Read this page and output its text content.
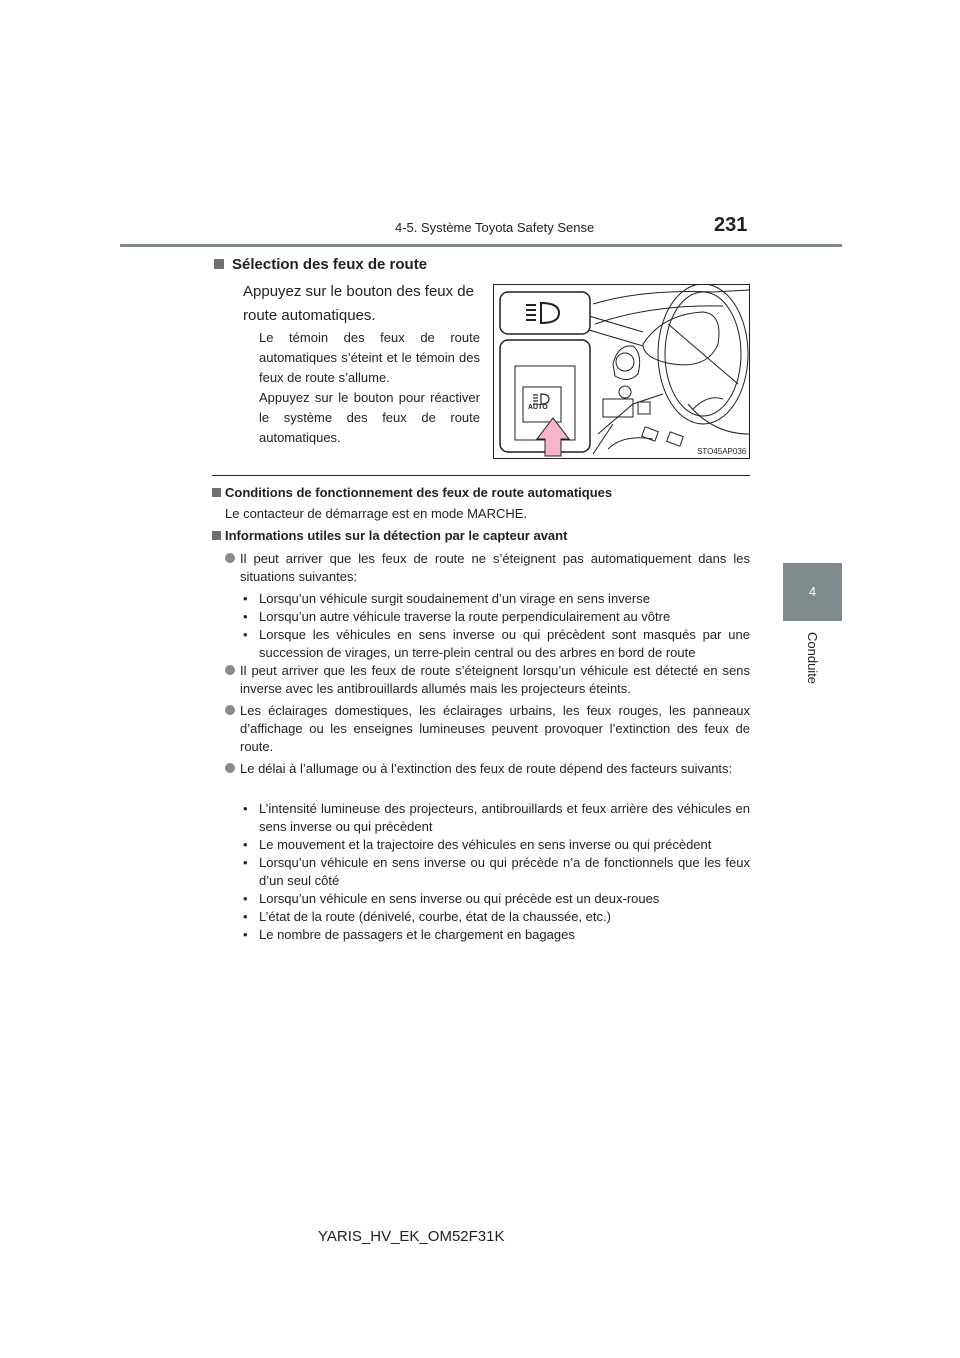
4-5. Système Toyota Safety Sense	231
4
Conduite
Sélection des feux de route
Appuyez sur le bouton des feux de route automatiques.
Le témoin des feux de route automatiques s’éteint et le témoin des feux de route s’allume.
Appuyez sur le bouton pour réactiver le système des feux de route automatiques.
AUTO
STO45AP036
Conditions de fonctionnement des feux de route automatiques
Le contacteur de démarrage est en mode MARCHE.
Informations utiles sur la détection par le capteur avant
Il peut arriver que les feux de route ne s’éteignent pas automatiquement dans les situations suivantes:
• Lorsqu’un véhicule surgit soudainement d’un virage en sens inverse
• Lorsqu’un autre véhicule traverse la route perpendiculairement au vôtre
• Lorsque les véhicules en sens inverse ou qui précèdent sont masqués par une succession de virages, un terre-plein central ou des arbres en bord de route
Il peut arriver que les feux de route s’éteignent lorsqu’un véhicule est détecté en sens inverse avec les antibrouillards allumés mais les projecteurs éteints.
Les éclairages domestiques, les éclairages urbains, les feux rouges, les panneaux d’affichage ou les enseignes lumineuses peuvent provoquer l’extinction des feux de route.
Le délai à l’allumage ou à l’extinction des feux de route dépend des facteurs suivants:
• L’intensité lumineuse des projecteurs, antibrouillards et feux arrière des véhicules en sens inverse ou qui précèdent
• Le mouvement et la trajectoire des véhicules en sens inverse ou qui précèdent
• Lorsqu’un véhicule en sens inverse ou qui précède n’a de fonctionnels que les feux d’un seul côté
• Lorsqu’un véhicule en sens inverse ou qui précède est un deux-roues
• L’état de la route (dénivelé, courbe, état de la chaussée, etc.)
• Le nombre de passagers et le chargement en bagages
YARIS_HV_EK_OM52F31K
